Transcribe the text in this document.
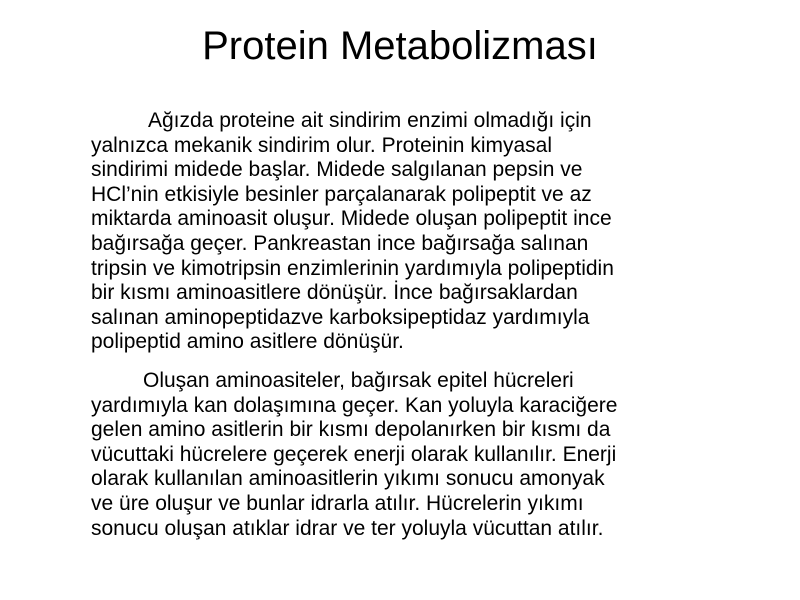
Protein Metabolizması
Ağızda proteine ait sindirim enzimi olmadığı için
yalnızca mekanik sindirim olur. Proteinin kimyasal
sindirimi midede başlar. Midede salgılanan pepsin ve
HCl’nin etkisiyle besinler parçalanarak polipeptit ve az
miktarda aminoasit oluşur. Midede oluşan polipeptit ince
bağırsağa geçer. Pankreastan ince bağırsağa salınan
tripsin ve kimotripsin enzimlerinin yardımıyla polipeptidin
bir kısmı aminoasitlere dönüşür. İnce bağırsaklardan
salınan aminopeptidazve karboksipeptidaz yardımıyla
polipeptid amino asitlere dönüşür.
Oluşan aminoasiteler, bağırsak epitel hücreleri
yardımıyla kan dolaşımına geçer. Kan yoluyla karaciğere
gelen amino asitlerin bir kısmı depolanırken bir kısmı da
vücuttaki hücrelere geçerek enerji olarak kullanılır. Enerji
olarak kullanılan aminoasitlerin yıkımı sonucu amonyak
ve üre oluşur ve bunlar idrarla atılır. Hücrelerin yıkımı
sonucu oluşan atıklar idrar ve ter yoluyla vücuttan atılır.
